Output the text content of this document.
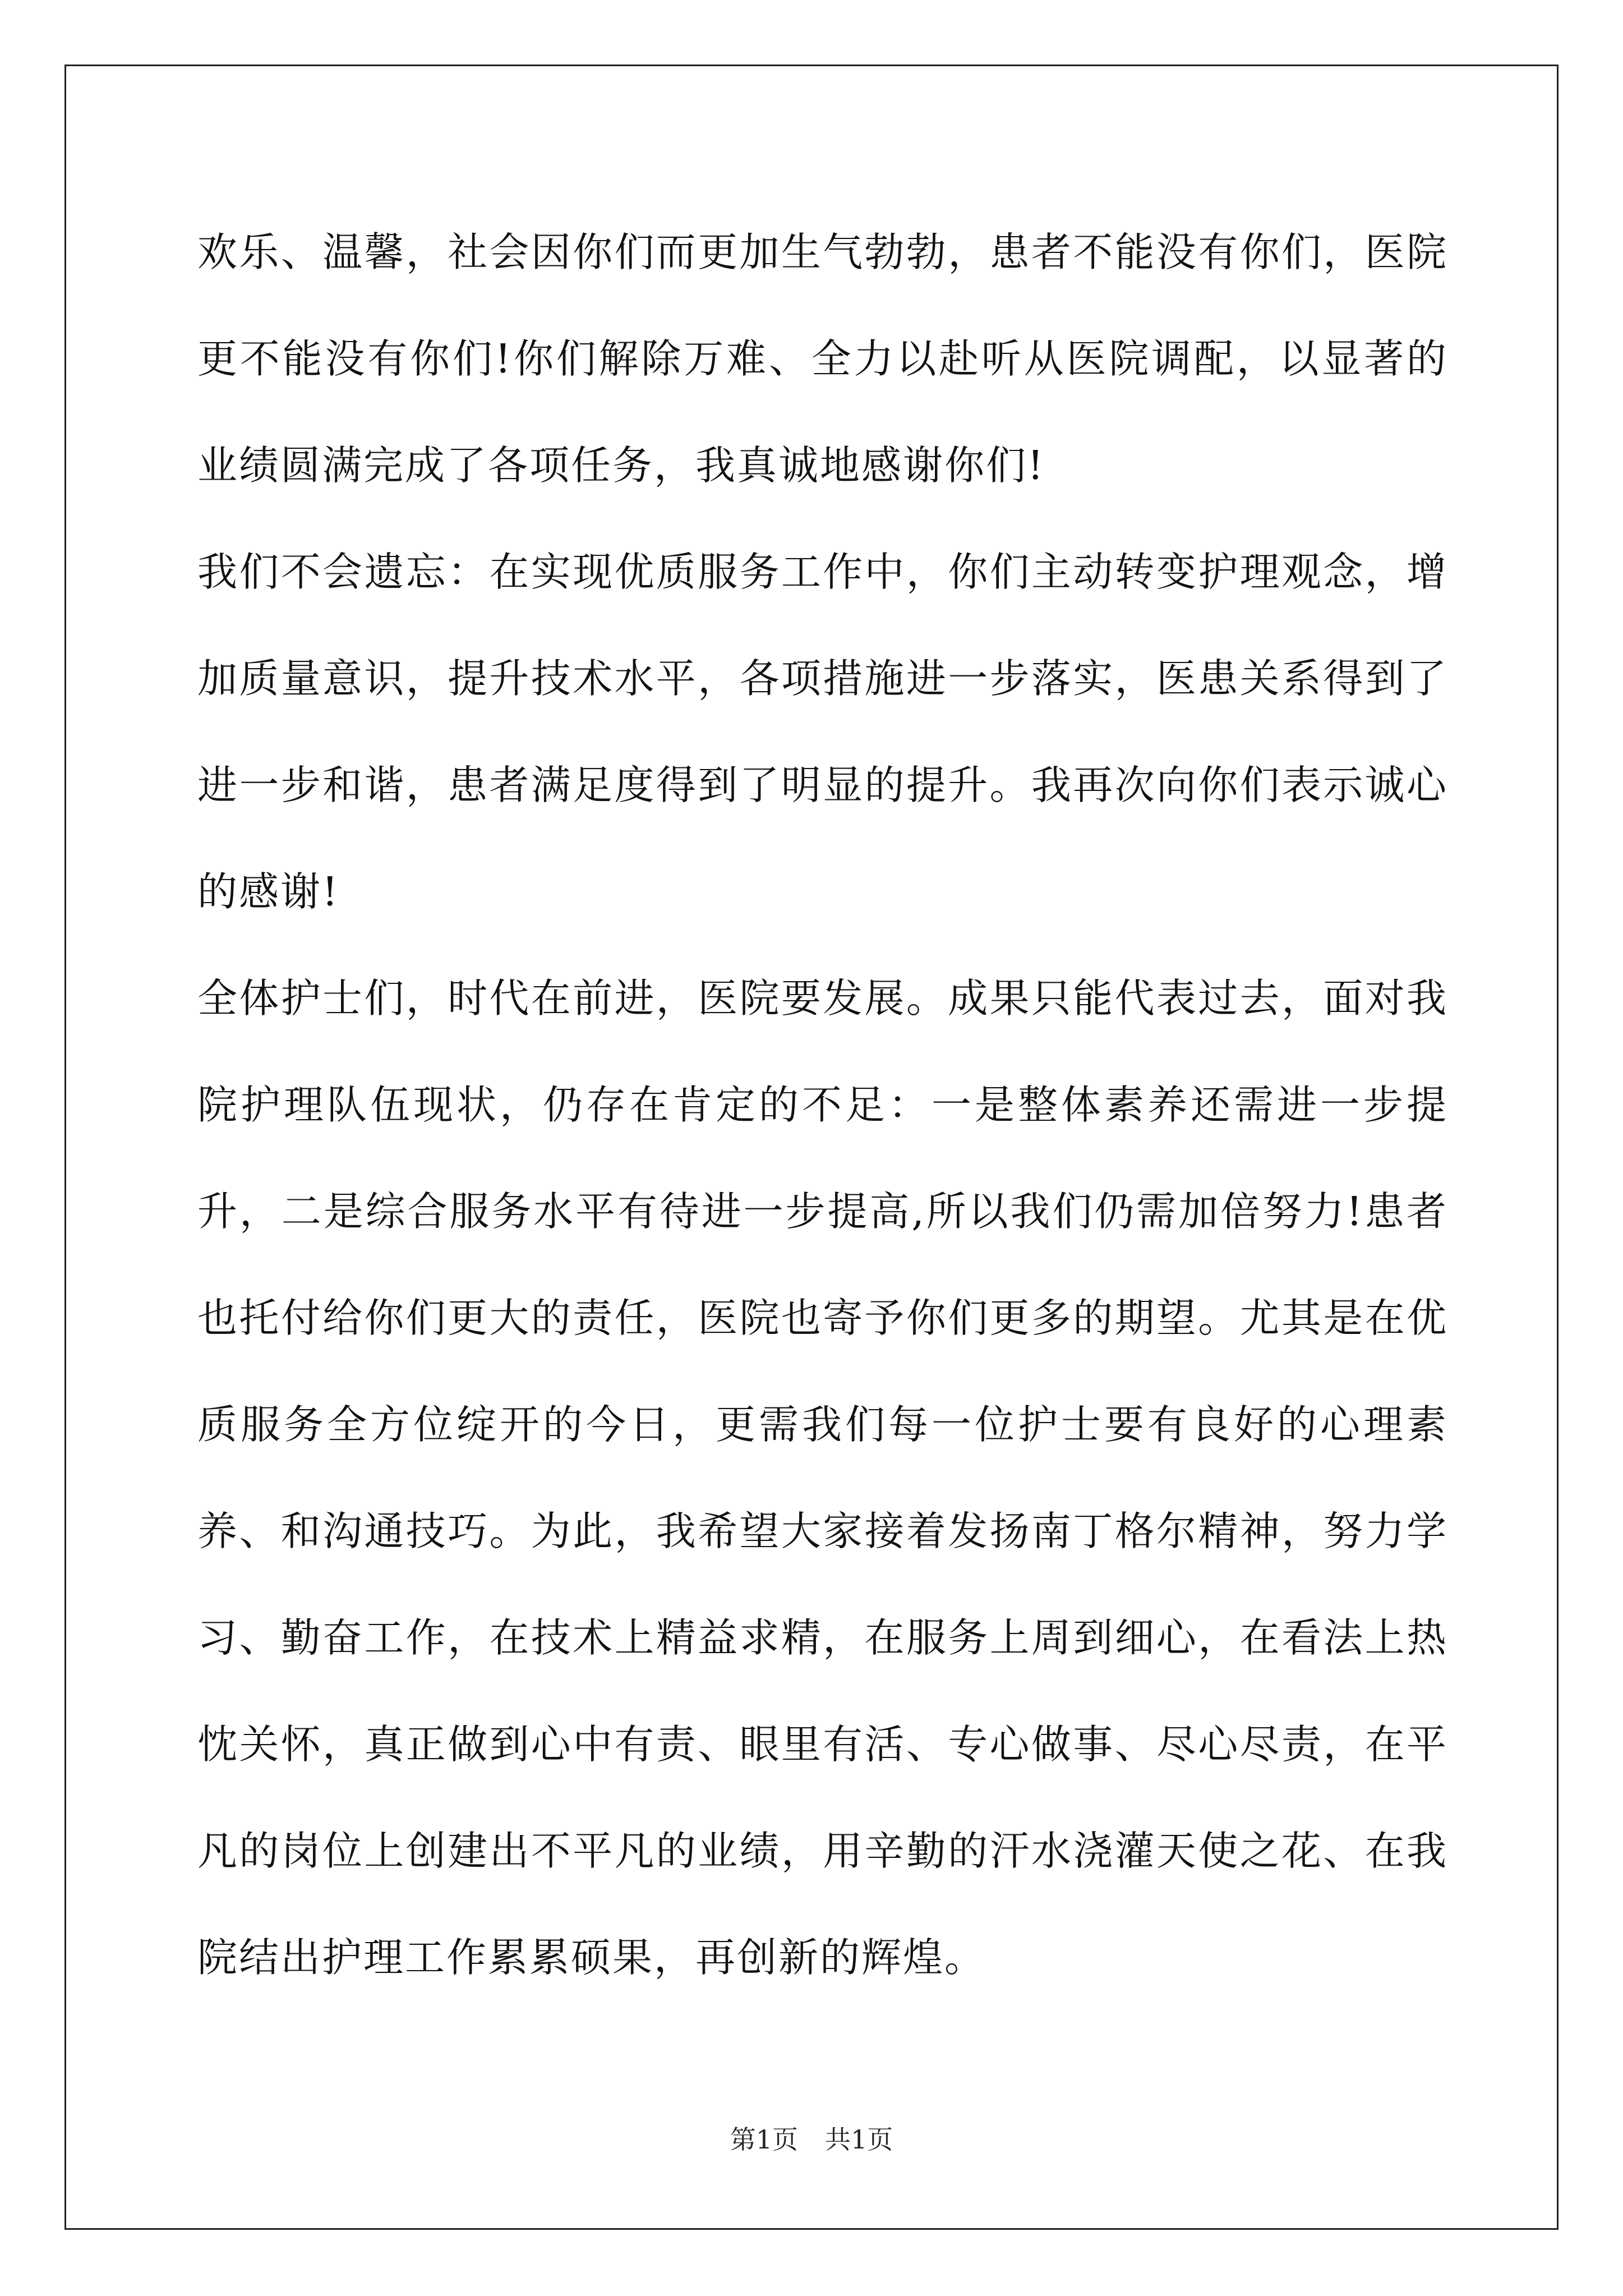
欢乐、温馨，社会因你们而更加生气勃勃，患者不能没有你们，医院更不能没有你们!你们解除万难、全力以赴听从医院调配，以显著的业绩圆满完成了各项任务，我真诚地感谢你们!

我们不会遗忘：在实现优质服务工作中，你们主动转变护理观念，增加质量意识，提升技术水平，各项措施进一步落实，医患关系得到了进一步和谐，患者满足度得到了明显的提升。我再次向你们表示诚心的感谢!

全体护士们，时代在前进，医院要发展。成果只能代表过去，面对我院护理队伍现状，仍存在肯定的不足：一是整体素养还需进一步提升，二是综合服务水平有待进一步提高,所以我们仍需加倍努力!患者也托付给你们更大的责任，医院也寄予你们更多的期望。尤其是在优质服务全方位绽开的今日，更需我们每一位护士要有良好的心理素养、和沟通技巧。为此，我希望大家接着发扬南丁格尔精神，努力学习、勤奋工作，在技术上精益求精，在服务上周到细心，在看法上热忱关怀，真正做到心中有责、眼里有活、专心做事、尽心尽责，在平凡的岗位上创建出不平凡的业绩，用辛勤的汗水浇灌天使之花、在我院结出护理工作累累硕果，再创新的辉煌。

第1页 共1页
